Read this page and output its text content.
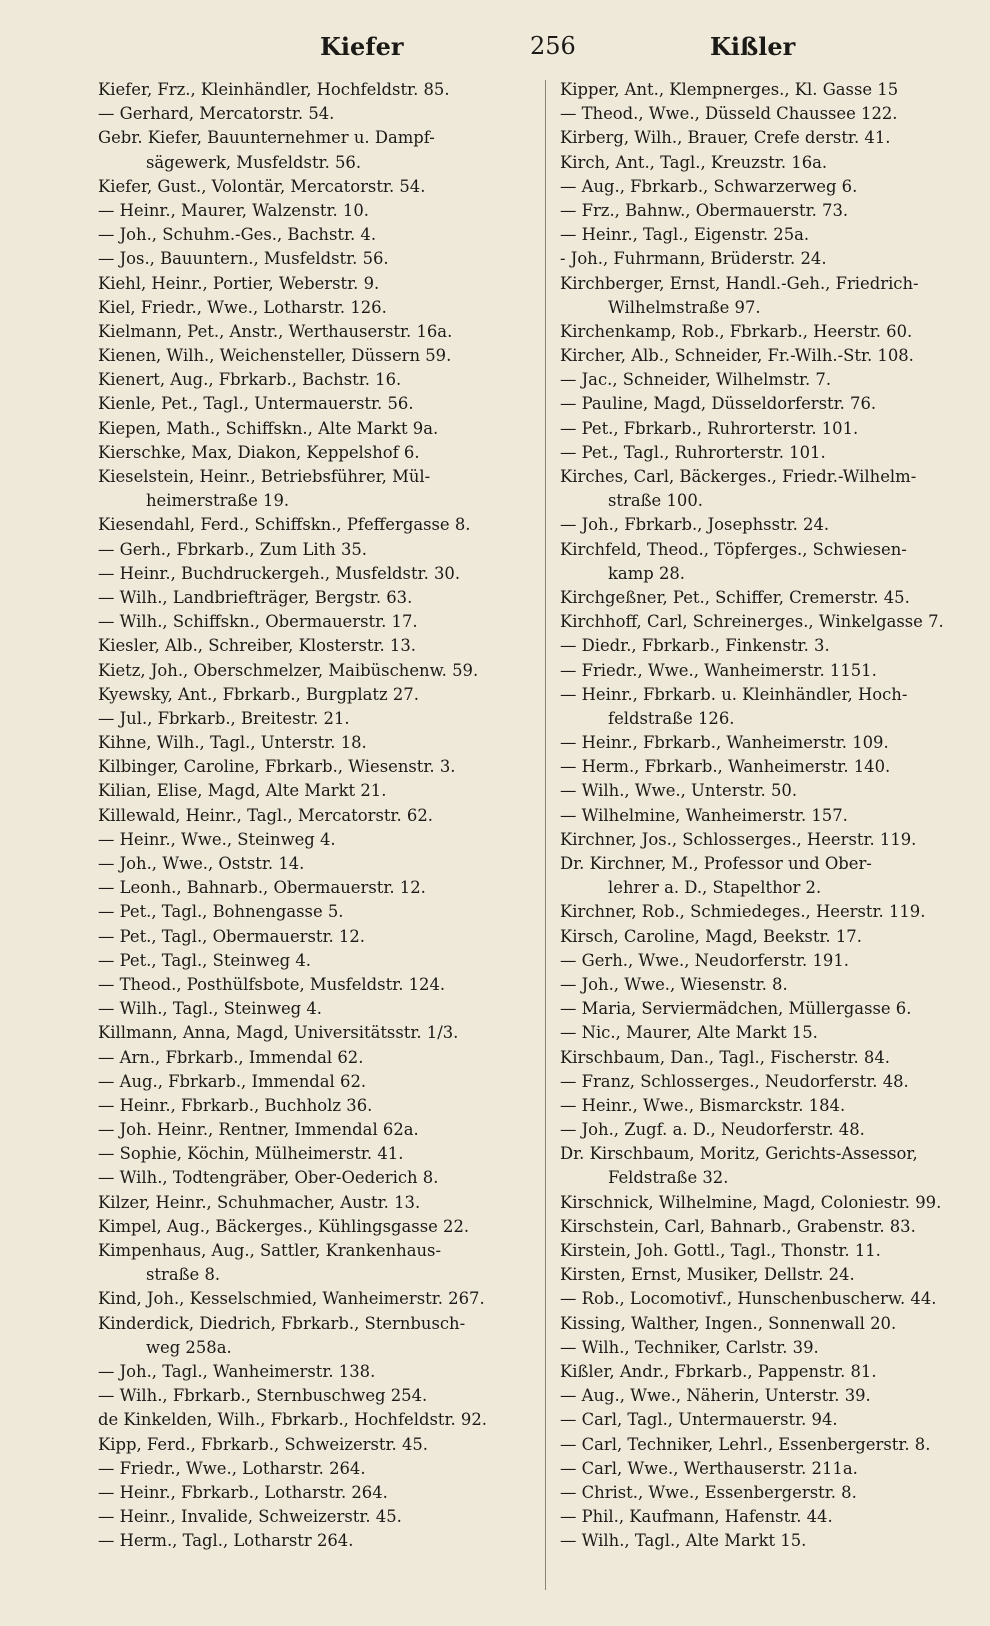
Kiefer	256	Kißler
Kiefer, Frz., Kleinhändler, Hochfeldstr. 85.
— Gerhard, Mercatorstr. 54.
Gebr. Kiefer, Bauunternehmer u. Dampf-
sägewerk, Musfeldstr. 56.
Kiefer, Gust., Volontär, Mercatorstr. 54.
— Heinr., Maurer, Walzenstr. 10.
— Joh., Schuhm.-Ges., Bachstr. 4.
— Jos., Bauuntern., Musfeldstr. 56.
Kiehl, Heinr., Portier, Weberstr. 9.
Kiel, Friedr., Wwe., Lotharstr. 126.
Kielmann, Pet., Anstr., Werthauserstr. 16a.
Kienen, Wilh., Weichensteller, Düssern 59.
Kienert, Aug., Fbrkarb., Bachstr. 16.
Kienle, Pet., Tagl., Untermauerstr. 56.
Kiepen, Math., Schiffskn., Alte Markt 9a.
Kierschke, Max, Diakon, Keppelshof 6.
Kieselstein, Heinr., Betriebsführer, Mül-
heimerstraße 19.
Kiesendahl, Ferd., Schiffskn., Pfeffergasse 8.
— Gerh., Fbrkarb., Zum Lith 35.
— Heinr., Buchdruckergeh., Musfeldstr. 30.
— Wilh., Landbriefträger, Bergstr. 63.
— Wilh., Schiffskn., Obermauerstr. 17.
Kiesler, Alb., Schreiber, Klosterstr. 13.
Kietz, Joh., Oberschmelzer, Maibüschenw. 59.
Kyewsky, Ant., Fbrkarb., Burgplatz 27.
— Jul., Fbrkarb., Breitestr. 21.
Kihne, Wilh., Tagl., Unterstr. 18.
Kilbinger, Caroline, Fbrkarb., Wiesenstr. 3.
Kilian, Elise, Magd, Alte Markt 21.
Killewald, Heinr., Tagl., Mercatorstr. 62.
— Heinr., Wwe., Steinweg 4.
— Joh., Wwe., Oststr. 14.
— Leonh., Bahnarb., Obermauerstr. 12.
— Pet., Tagl., Bohnengasse 5.
— Pet., Tagl., Obermauerstr. 12.
— Pet., Tagl., Steinweg 4.
— Theod., Posthülfsbote, Musfeldstr. 124.
— Wilh., Tagl., Steinweg 4.
Killmann, Anna, Magd, Universitätsstr. 1/3.
— Arn., Fbrkarb., Immendal 62.
— Aug., Fbrkarb., Immendal 62.
— Heinr., Fbrkarb., Buchholz 36.
— Joh. Heinr., Rentner, Immendal 62a.
— Sophie, Köchin, Mülheimerstr. 41.
— Wilh., Todtengräber, Ober-Oederich 8.
Kilzer, Heinr., Schuhmacher, Austr. 13.
Kimpel, Aug., Bäckerges., Kühlingsgasse 22.
Kimpenhaus, Aug., Sattler, Krankenhaus-
straße 8.
Kind, Joh., Kesselschmied, Wanheimerstr. 267.
Kinderdick, Diedrich, Fbrkarb., Sternbusch-
weg 258a.
— Joh., Tagl., Wanheimerstr. 138.
— Wilh., Fbrkarb., Sternbuschweg 254.
de Kinkelden, Wilh., Fbrkarb., Hochfeldstr. 92.
Kipp, Ferd., Fbrkarb., Schweizerstr. 45.
— Friedr., Wwe., Lotharstr. 264.
— Heinr., Fbrkarb., Lotharstr. 264.
— Heinr., Invalide, Schweizerstr. 45.
— Herm., Tagl., Lotharstr 264.
Kipper, Ant., Klempnerges., Kl. Gasse 15
— Theod., Wwe., Düsseld Chaussee 122.
Kirberg, Wilh., Brauer, Crefe derstr. 41.
Kirch, Ant., Tagl., Kreuzstr. 16a.
— Aug., Fbrkarb., Schwarzerweg 6.
— Frz., Bahnw., Obermauerstr. 73.
— Heinr., Tagl., Eigenstr. 25a.
- Joh., Fuhrmann, Brüderstr. 24.
Kirchberger, Ernst, Handl.-Geh., Friedrich-
Wilhelmstraße 97.
Kirchenkamp, Rob., Fbrkarb., Heerstr. 60.
Kircher, Alb., Schneider, Fr.-Wilh.-Str. 108.
— Jac., Schneider, Wilhelmstr. 7.
— Pauline, Magd, Düsseldorferstr. 76.
— Pet., Fbrkarb., Ruhrorterstr. 101.
— Pet., Tagl., Ruhrorterstr. 101.
Kirches, Carl, Bäckerges., Friedr.-Wilhelm-
straße 100.
— Joh., Fbrkarb., Josephsstr. 24.
Kirchfeld, Theod., Töpferges., Schwiesen-
kamp 28.
Kirchgeßner, Pet., Schiffer, Cremerstr. 45.
Kirchhoff, Carl, Schreinerges., Winkelgasse 7.
— Diedr., Fbrkarb., Finkenstr. 3.
— Friedr., Wwe., Wanheimerstr. 1151.
— Heinr., Fbrkarb. u. Kleinhändler, Hoch-
feldstraße 126.
— Heinr., Fbrkarb., Wanheimerstr. 109.
— Herm., Fbrkarb., Wanheimerstr. 140.
— Wilh., Wwe., Unterstr. 50.
— Wilhelmine, Wanheimerstr. 157.
Kirchner, Jos., Schlosserges., Heerstr. 119.
Dr. Kirchner, M., Professor und Ober-
lehrer a. D., Stapelthor 2.
Kirchner, Rob., Schmiedeges., Heerstr. 119.
Kirsch, Caroline, Magd, Beekstr. 17.
— Gerh., Wwe., Neudorferstr. 191.
— Joh., Wwe., Wiesenstr. 8.
— Maria, Serviermädchen, Müllergasse 6.
— Nic., Maurer, Alte Markt 15.
Kirschbaum, Dan., Tagl., Fischerstr. 84.
— Franz, Schlosserges., Neudorferstr. 48.
— Heinr., Wwe., Bismarckstr. 184.
— Joh., Zugf. a. D., Neudorferstr. 48.
Dr. Kirschbaum, Moritz, Gerichts-Assessor,
Feldstraße 32.
Kirschnick, Wilhelmine, Magd, Coloniestr. 99.
Kirschstein, Carl, Bahnarb., Grabenstr. 83.
Kirstein, Joh. Gottl., Tagl., Thonstr. 11.
Kirsten, Ernst, Musiker, Dellstr. 24.
— Rob., Locomotivf., Hunschenbuscherw. 44.
Kissing, Walther, Ingen., Sonnenwall 20.
— Wilh., Techniker, Carlstr. 39.
Kißler, Andr., Fbrkarb., Pappenstr. 81.
— Aug., Wwe., Näherin, Unterstr. 39.
— Carl, Tagl., Untermauerstr. 94.
— Carl, Techniker, Lehrl., Essenbergerstr. 8.
— Carl, Wwe., Werthauserstr. 211a.
— Christ., Wwe., Essenbergerstr. 8.
— Phil., Kaufmann, Hafenstr. 44.
— Wilh., Tagl., Alte Markt 15.
